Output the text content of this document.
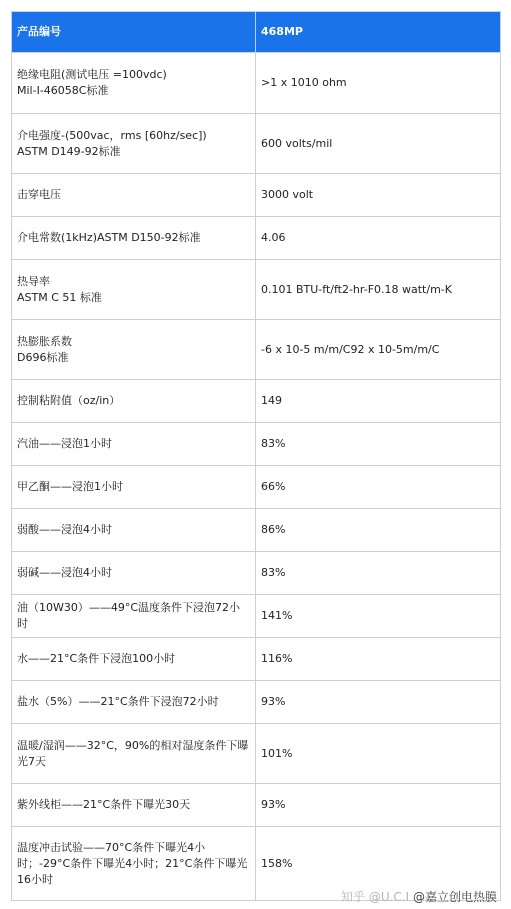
产品编号	468MP
绝缘电阻(测试电压 =100vdc)
Mil-I-46058C标准	>1 x 1010 ohm
介电强度-(500vac，rms [60hz/sec])
ASTM D149-92标准	600 volts/mil
击穿电压	3000 volt
介电常数(1kHz)ASTM D150-92标准	4.06
热导率
ASTM C 51 标准	0.101 BTU-ft/ft2-hr-F0.18 watt/m-K
热膨胀系数
D696标准	-6 x 10-5 m/m/C92 x 10-5m/m/C
控制粘附值（oz/in）	149
汽油——浸泡1小时	83%
甲乙酮——浸泡1小时	66%
弱酸——浸泡4小时	86%
弱碱——浸泡4小时	83%
油（10W30）——49°C温度条件下浸泡72小时	141%
水——21°C条件下浸泡100小时	116%
盐水（5%）——21°C条件下浸泡72小时	93%
温暖/湿润——32°C，90%的相对湿度条件下曝光7天	101%
紫外线柜——21°C条件下曝光30天	93%
温度冲击试验——70°C条件下曝光4小时；-29°C条件下曝光4小时；21°C条件下曝光16小时	158%
知乎 @U.C.I @嘉立创电热膜
